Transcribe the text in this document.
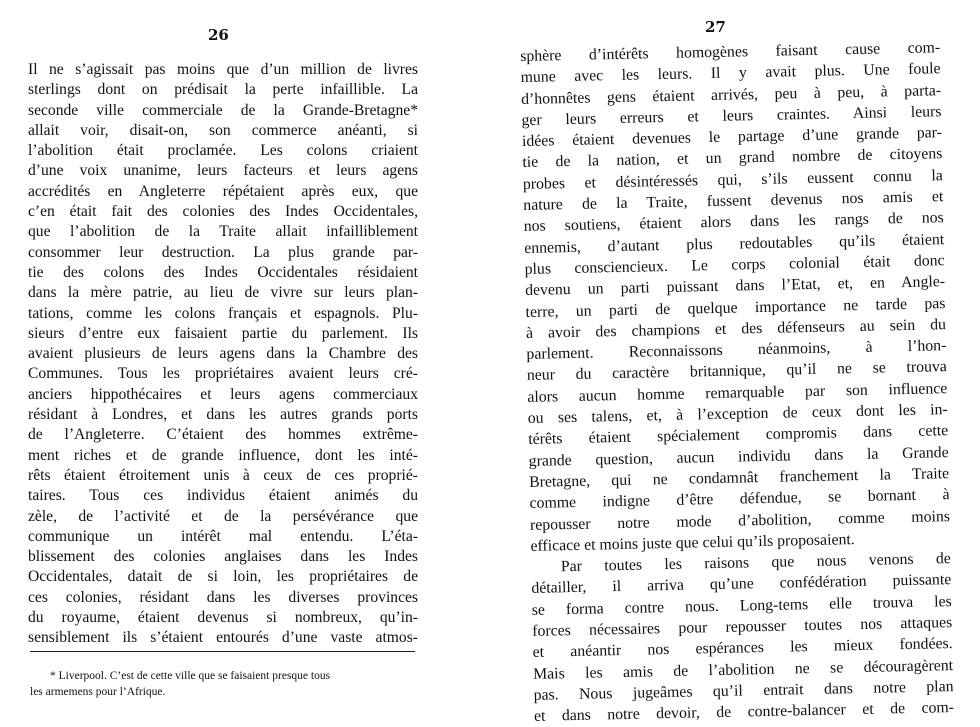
26
Il ne s’agissait pas moins que d’un million de livres
sterlings dont on prédisait la perte infaillible. La
seconde ville commerciale de la Grande-Bretagne*
allait voir, disait-on, son commerce anéanti, si
l’abolition était proclamée. Les colons criaient
d’une voix unanime, leurs facteurs et leurs agens
accrédités en Angleterre répétaient après eux, que
c’en était fait des colonies des Indes Occidentales,
que l’abolition de la Traite allait infailliblement
consommer leur destruction. La plus grande par-
tie des colons des Indes Occidentales résidaient
dans la mère patrie, au lieu de vivre sur leurs plan-
tations, comme les colons français et espagnols. Plu-
sieurs d’entre eux faisaient partie du parlement. Ils
avaient plusieurs de leurs agens dans la Chambre des
Communes. Tous les propriétaires avaient leurs cré-
anciers hippothécaires et leurs agens commerciaux
résidant à Londres, et dans les autres grands ports
de l’Angleterre. C’étaient des hommes extrême-
ment riches et de grande influence, dont les inté-
rêts étaient étroitement unis à ceux de ces proprié-
taires. Tous ces individus étaient animés du
zèle, de l’activité et de la persévérance que
communique un intérêt mal entendu. L’éta-
blissement des colonies anglaises dans les Indes
Occidentales, datait de si loin, les propriétaires de
ces colonies, résidant dans les diverses provinces
du royaume, étaient devenus si nombreux, qu’in-
sensiblement ils s’étaient entourés d’une vaste atmos-
* Liverpool. C’est de cette ville que se faisaient presque tous
les armemens pour l’Afrique.
27
sphère d’intérêts homogènes faisant cause com-
mune avec les leurs. Il y avait plus. Une foule
d’honnêtes gens étaient arrivés, peu à peu, à parta-
ger leurs erreurs et leurs craintes. Ainsi leurs
idées étaient devenues le partage d’une grande par-
tie de la nation, et un grand nombre de citoyens
probes et désintéressés qui, s’ils eussent connu la
nature de la Traite, fussent devenus nos amis et
nos soutiens, étaient alors dans les rangs de nos
ennemis, d’autant plus redoutables qu’ils étaient
plus consciencieux. Le corps colonial était donc
devenu un parti puissant dans l’Etat, et, en Angle-
terre, un parti de quelque importance ne tarde pas
à avoir des champions et des défenseurs au sein du
parlement. Reconnaissons néanmoins, à l’hon-
neur du caractère britannique, qu’il ne se trouva
alors aucun homme remarquable par son influence
ou ses talens, et, à l’exception de ceux dont les in-
térêts étaient spécialement compromis dans cette
grande question, aucun individu dans la Grande
Bretagne, qui ne condamnât franchement la Traite
comme indigne d’être défendue, se bornant à
repousser notre mode d’abolition, comme moins
efficace et moins juste que celui qu’ils proposaient.
Par toutes les raisons que nous venons de
détailler, il arriva qu’une confédération puissante
se forma contre nous. Long-tems elle trouva les
forces nécessaires pour repousser toutes nos attaques
et anéantir nos espérances les mieux fondées.
Mais les amis de l’abolition ne se découragèrent
pas. Nous jugeâmes qu’il entrait dans notre plan
et dans notre devoir, de contre-balancer et de com-
